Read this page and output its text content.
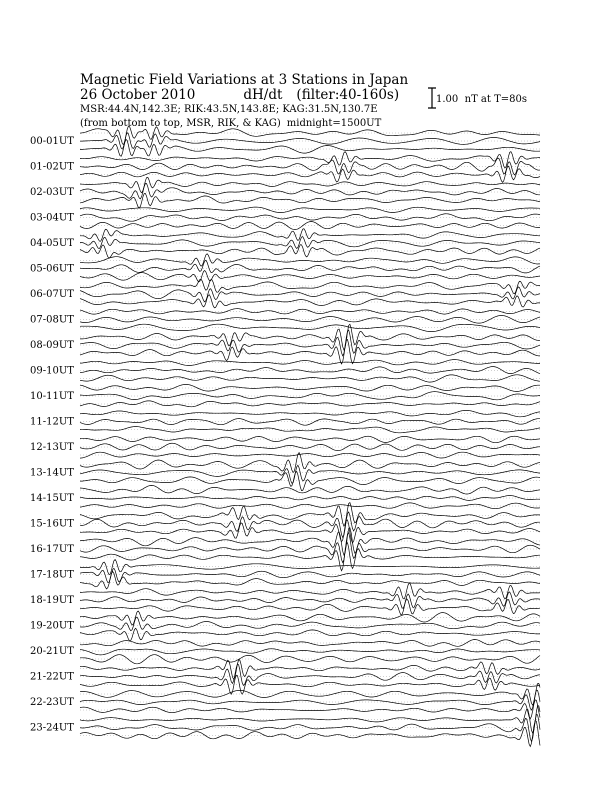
Magnetic Field Variations at 3 Stations in Japan
26 October 2010	dH/dt (filter:40-160s)
MSR:44.4N,142.3E; RIK:43.5N,143.8E; KAG:31.5N,130.7E
(from bottom to top, MSR, RIK, & KAG) midnight=1500UT
1.00  nT at T=80s
00-01UT
01-02UT
02-03UT
03-04UT
04-05UT
05-06UT
06-07UT
07-08UT
08-09UT
09-10UT
10-11UT
11-12UT
12-13UT
13-14UT
14-15UT
15-16UT
16-17UT
17-18UT
18-19UT
19-20UT
20-21UT
21-22UT
22-23UT
23-24UT
